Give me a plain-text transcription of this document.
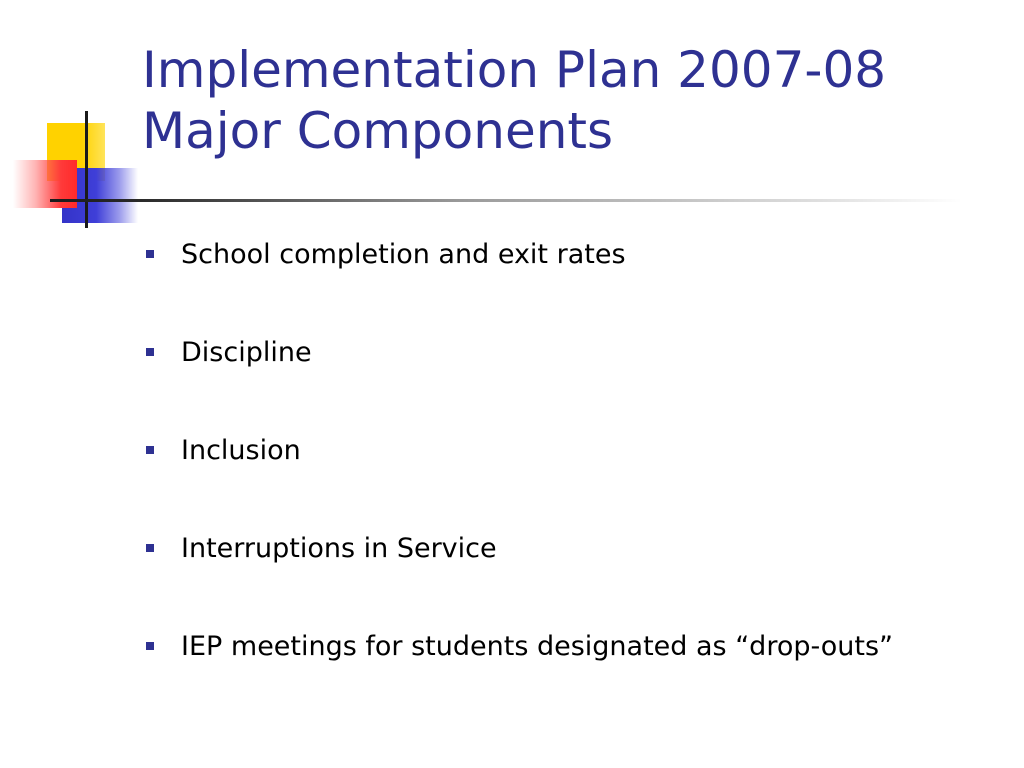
Implementation Plan 2007-08
Major Components
School completion and exit rates
Discipline
Inclusion
Interruptions in Service
IEP meetings for students designated as “drop-outs”
